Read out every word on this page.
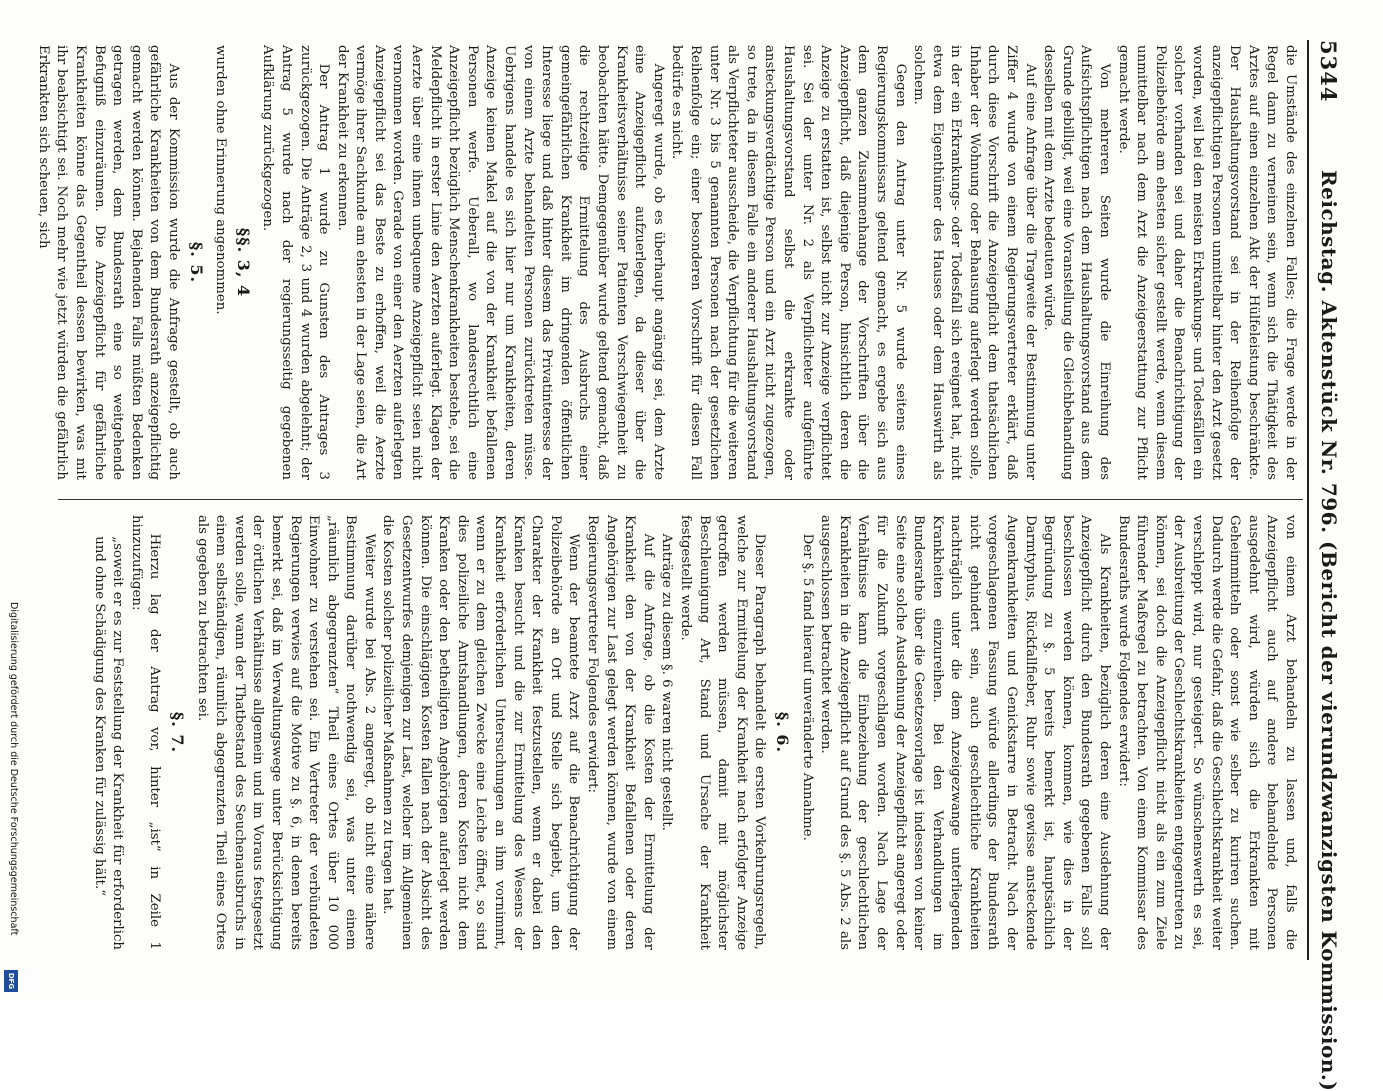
5344
Reichstag. Aktenstück Nr. 796. (Bericht der vierundzwanzigsten Kommission.)

die Umstände des einzelnen Falles; die Frage werde in der Regel dann zu verneinen sein, wenn sich die Thätigkeit des Arztes auf einen einzelnen Akt der Hülfeleistung beschränkte. Der Haushaltungsvorstand sei in der Reihenfolge der anzeigepflichtigen Personen unmittelbar hinter den Arzt gesetzt worden, weil bei den meisten Erkrankungs- und Todesfällen ein solcher vorhanden sei und daher die Benachrichtigung der Polizeibehörde am ehesten sicher gestellt werde, wenn diesem unmittelbar nach dem Arzt die Anzeigeerstattung zur Pflicht gemacht werde.

Von mehreren Seiten wurde die Einreihung des Aufsichtspflichtigen nach dem Haushaltungsvorstand aus dem Grunde gebilligt, weil eine Voranstellung die Gleichbehandlung desselben mit dem Arzte bedeuten würde.

Auf eine Anfrage über die Tragweite der Bestimmung unter Ziffer 4 wurde von einem Regierungsvertreter erklärt, daß durch diese Vorschrift die Anzeigepflicht dem thatsächlichen Inhaber der Wohnung oder Behausung auferlegt werden solle, in der ein Erkrankungs- oder Todesfall sich ereignet hat, nicht etwa dem Eigenthümer des Hauses oder dem Hauswirth als solchem.

Gegen den Antrag unter Nr. 5 wurde seitens eines Regierungskommissars geltend gemacht, es ergebe sich aus dem ganzen Zusammenhange der Vorschriften über die Anzeigepflicht, daß diejenige Person, hinsichtlich deren die Anzeige zu erstatten ist, selbst nicht zur Anzeige verpflichtet sei. Sei der unter Nr. 2 als Verpflichteter aufgeführte Haushaltungsvorstand selbst die erkrankte oder ansteckungsverdächtige Person und ein Arzt nicht zugezogen, so trete, da in diesem Falle ein anderer Haushaltungsvorstand als Verpflichteter ausscheide, die Verpflichtung für die weiteren unter Nr. 3 bis 5 genannten Personen nach der gesetzlichen Reihenfolge ein; einer besonderen Vorschrift für diesen Fall bedürfe es nicht.

Angeregt wurde, ob es überhaupt angängig sei, dem Arzte eine Anzeigepflicht aufzuerlegen, da dieser über die Krankheitsverhältnisse seiner Patienten Verschwiegenheit zu beobachten hätte. Demgegenüber wurde geltend gemacht, daß die rechtzeitige Ermittelung des Ausbruchs einer gemeingefährlichen Krankheit im dringenden öffentlichen Interesse liege und daß hinter diesem das Privatinteresse der von einem Arzte behandelten Personen zurücktreten müsse. Uebrigens handele es sich hier nur um Krankheiten, deren Anzeige keinen Makel auf die von der Krankheit befallenen Personen werfe. Ueberall, wo landesrechtlich eine Anzeigepflicht bezüglich Menschenkrankheiten bestehe, sei die Meldepflicht in erster Linie den Aerzten auferlegt. Klagen der Aerzte über eine ihnen unbequeme Anzeigepflicht seien nicht vernommen worden. Gerade von einer den Aerzten auferlegten Anzeigepflicht sei das Beste zu erhoffen, weil die Aerzte vermöge ihrer Sachkunde am ehesten in der Lage seien, die Art der Krankheit zu erkennen.

Der Antrag 1 wurde zu Gunsten des Antrages 3 zurückgezogen. Die Anträge 2, 3 und 4 wurden abgelehnt; der Antrag 5 wurde nach der regierungsseitig gegebenen Aufklärung zurückgezogen.

§§. 3, 4

wurden ohne Erinnerung angenommen.

§. 5.

Aus der Kommission wurde die Anfrage gestellt, ob auch gefährliche Krankheiten von dem Bundesrath anzeigepflichtig gemacht werden können. Bejahenden Falls müßten Bedenken getragen werden, dem Bundesrath eine so weitgehende Befugniß einzuräumen. Die Anzeigepflicht für gefährliche Krankheiten könne das Gegentheil dessen bewirken, was mit ihr beabsichtigt sei. Noch mehr wie jetzt würden die gefährlich Erkrankten sich scheuen, sich

von einem Arzt behandeln zu lassen und, falls die Anzeigepflicht auch auf andere behandelnde Personen ausgedehnt wird, würden sich die Erkrankten mit Geheimmitteln oder sonst wie selber zu kuriren suchen. Dadurch werde die Gefahr, daß die Geschlechtskrankheit weiter verschleppt wird, nur gesteigert. So wünschenswerth es sei, der Ausbreitung der Geschlechtskrankheiten entgegentreten zu können, sei doch die Anzeigepflicht nicht als ein zum Ziele führender Maßregel zu betrachten. Von einem Kommissar des Bundesraths wurde Folgendes erwidert:

Als Krankheiten, bezüglich deren eine Ausdehnung der Anzeigepflicht durch den Bundesrath gegebenen Falls soll beschlossen werden können, kommen, wie dies in der Begründung zu §. 5 bereits bemerkt ist, hauptsächlich Darmtyphus, Rückfallfieber, Ruhr sowie gewisse ansteckende Augenkrankheiten und Genickstarre in Betracht. Nach der vorgeschlagenen Fassung würde allerdings der Bundesrath nicht gehindert sein, auch geschlechtliche Krankheiten nachträglich unter die dem Anzeigezwange unterliegenden Krankheiten einzureihen. Bei den Verhandlungen im Bundesrathe über die Gesetzesvorlage ist indessen von keiner Seite eine solche Ausdehnung der Anzeigepflicht angeregt oder für die Zukunft vorgeschlagen worden. Nach Lage der Verhältnisse kann die Einbeziehung der geschlechtlichen Krankheiten in die Anzeigepflicht auf Grund des §. 5 Abs. 2 als ausgeschlossen betrachtet werden.

Der §. 5 fand hierauf unveränderte Annahme.

§. 6.

Dieser Paragraph behandelt die ersten Vorkehrungsregeln, welche zur Ermittelung der Krankheit nach erfolgter Anzeige getroffen werden müssen, damit mit möglichster Beschleunigung Art, Stand und Ursache der Krankheit festgestellt werde.

Anträge zu diesem §. 6 waren nicht gestellt.

Auf die Anfrage, ob die Kosten der Ermittelung der Krankheit den von der Krankheit Befallenen oder deren Angehörigen zur Last gelegt werden können, wurde von einem Regierungsvertreter Folgendes erwidert:

Wenn der beamtete Arzt auf die Benachrichtigung der Polizeibehörde an Ort und Stelle sich begiebt, um den Charakter der Krankheit festzustellen, wenn er dabei den Kranken besucht und die zur Ermittelung des Wesens der Krankheit erforderlichen Untersuchungen an ihm vornimmt, wenn er zu dem gleichen Zwecke eine Leiche öffnet, so sind dies polizeiliche Amtshandlungen, deren Kosten nicht dem Kranken oder den betheiligten Angehörigen auferlegt werden können. Die einschlägigen Kosten fallen nach der Absicht des Gesetzentwurfes demjenigen zur Last, welcher im Allgemeinen die Kosten solcher polizeilicher Maßnahmen zu tragen hat.

Weiter wurde bei Abs. 2 angeregt, ob nicht eine nähere Bestimmung darüber nothwendig sei, was unter einem „räumlich abgegrenzten“ Theil eines Ortes über 10 000 Einwohner zu verstehen sei. Ein Vertreter der verbündeten Regierungen verwies auf die Motive zu §. 6, in denen bereits bemerkt sei, daß im Verwaltungswege unter Berücksichtigung der örtlichen Verhältnisse allgemein und im Voraus festgesetzt werden solle, wann der Thatbestand des Seuchenausbruchs in einem selbständigen, räumlich abgegrenzten Theil eines Ortes als gegeben zu betrachten sei.

§. 7.

Hierzu lag der Antrag vor, hinter „ist“ in Zeile 1 hinzuzufügen:

„soweit er es zur Feststellung der Krankheit für erforderlich und ohne Schädigung des Kranken für zulässig hält.“

Digitalisierung gefördert durch die Deutsche Forschungsgemeinschaft
DFG
